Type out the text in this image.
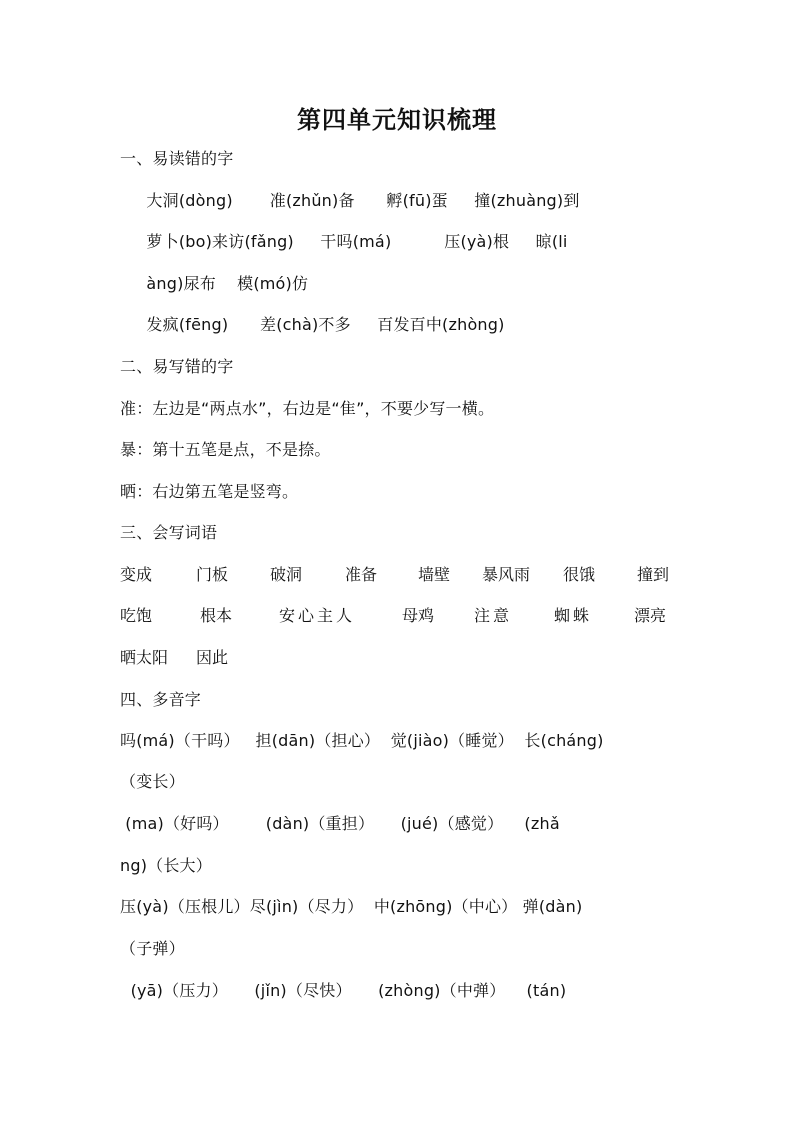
第四单元知识梳理
一、易读错的字
大洞(dòng)       准(zhǔn)备      孵(fū)蛋     撞(zhuàng)到
萝卜(bo)来访(fǎng)     干吗(má)          压(yà)根     晾(li
àng)尿布    模(mó)仿
发疯(fēng)      差(chà)不多     百发百中(zhòng)
二、易写错的字
准：左边是“两点水”，右边是“隹”，不要少写一横。
暴：第十五笔是点，不是捺。
晒：右边第五笔是竖弯。
三、会写词语
变成	门板	破洞	准备	墙壁 暴风雨 很饿	撞到
吃饱	根本	安心主人	母鸡 注意	蜘蛛	漂亮
晒太阳 因此
四、多音字
吗(má)（干吗）   担(dān)（担心）  觉(jiào)（睡觉）  长(cháng)
（变长）
(ma)（好吗）       (dàn)（重担）     (jué)（感觉）    (zhǎ
ng)（长大）
压(yà)（压根儿）尽(jìn)（尽力）  中(zhōng)（中心） 弹(dàn)
（子弹）
(yā)（压力）     (jǐn)（尽快）     (zhòng)（中弹）    (tán)
